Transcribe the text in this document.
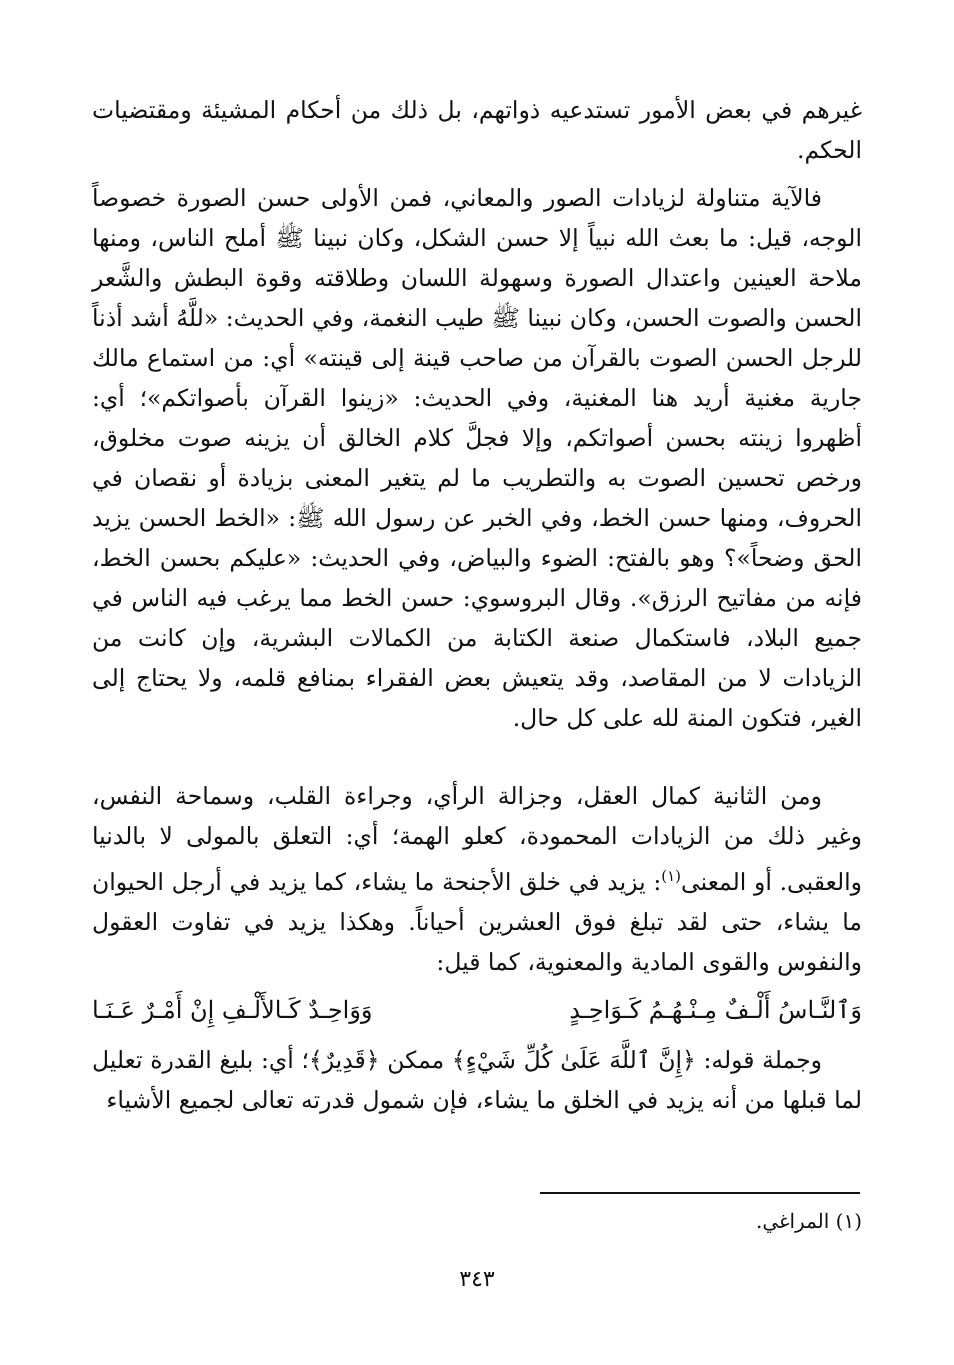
غيرهم في بعض الأمور تستدعيه ذواتهم، بل ذلك من أحكام المشيئة ومقتضيات الحكم.

فالآية متناولة لزيادات الصور والمعاني، فمن الأولى حسن الصورة خصوصاً الوجه، قيل: ما بعث الله نبياً إلا حسن الشكل، وكان نبينا ﷺ أملح الناس، ومنها ملاحة العينين واعتدال الصورة وسهولة اللسان وطلاقته وقوة البطش والشَّعر الحسن والصوت الحسن، وكان نبينا ﷺ طيب النغمة، وفي الحديث: «للَّهُ أشد أذناً للرجل الحسن الصوت بالقرآن من صاحب قينة إلى قينته» أي: من استماع مالك جارية مغنية أريد هنا المغنية، وفي الحديث: «زينوا القرآن بأصواتكم»؛ أي: أظهروا زينته بحسن أصواتكم، وإلا فجلَّ كلام الخالق أن يزينه صوت مخلوق، ورخص تحسين الصوت به والتطريب ما لم يتغير المعنى بزيادة أو نقصان في الحروف، ومنها حسن الخط، وفي الخبر عن رسول الله ﷺ: «الخط الحسن يزيد الحق وضحاً»؟ وهو بالفتح: الضوء والبياض، وفي الحديث: «عليكم بحسن الخط، فإنه من مفاتيح الرزق». وقال البروسوي: حسن الخط مما يرغب فيه الناس في جميع البلاد، فاستكمال صنعة الكتابة من الكمالات البشرية، وإن كانت من الزيادات لا من المقاصد، وقد يتعيش بعض الفقراء بمنافع قلمه، ولا يحتاج إلى الغير، فتكون المنة لله على كل حال.

ومن الثانية كمال العقل، وجزالة الرأي، وجراءة القلب، وسماحة النفس، وغير ذلك من الزيادات المحمودة، كعلو الهمة؛ أي: التعلق بالمولى لا بالدنيا والعقبى. أو المعنى$^{(١)}$: يزيد في خلق الأجنحة ما يشاء، كما يزيد في أرجل الحيوان ما يشاء، حتى لقد تبلغ فوق العشرين أحياناً. وهكذا يزيد في تفاوت العقول والنفوس والقوى المادية والمعنوية، كما قيل:

وَٱلنَّـاسُ أَلْـفٌ مِـنْـهُـمُ كَـوَاحِـدٍ
وَوَاحِـدٌ كَـالأَلْـفِ إِنْ أَمْـرٌ عَـنَـا

وجملة قوله: ﴿إِنَّ ٱللَّهَ عَلَىٰ كُلِّ شَيْءٍ﴾ ممكن ﴿قَدِيرٌ﴾؛ أي: بليغ القدرة تعليل لما قبلها من أنه يزيد في الخلق ما يشاء، فإن شمول قدرته تعالى لجميع الأشياء

(١) المراغي.
٣٤٣
